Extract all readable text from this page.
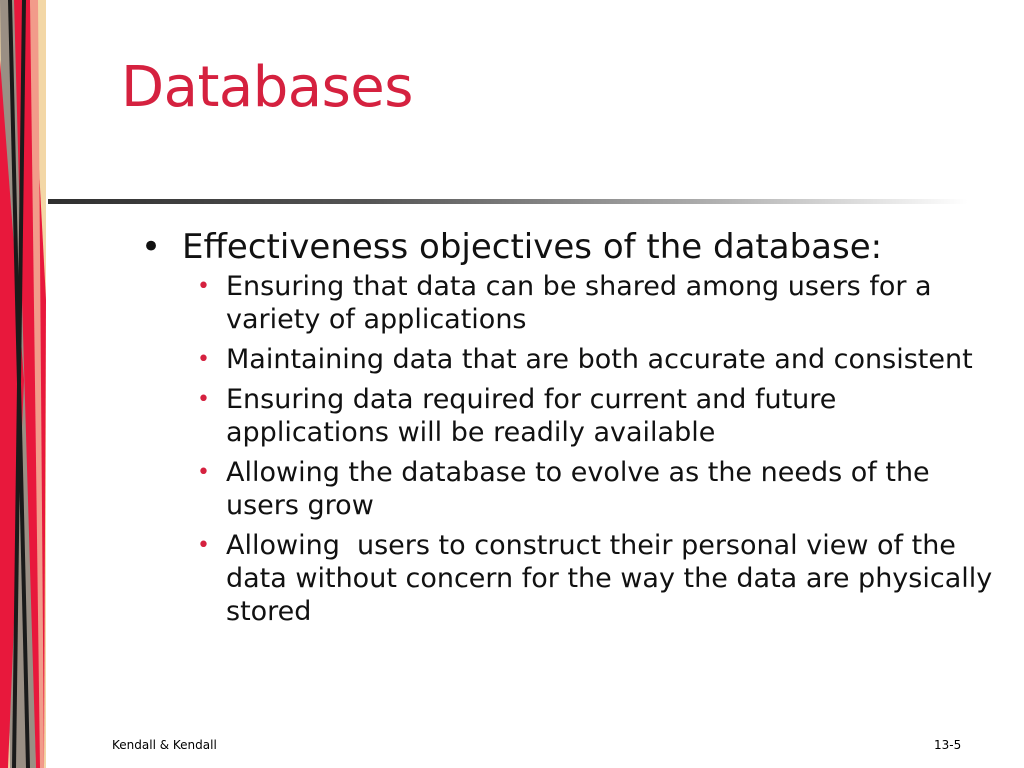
Databases
• Effectiveness objectives of the database:
• Ensuring that data can be shared among users for a variety of applications
• Maintaining data that are both accurate and consistent
• Ensuring data required for current and future applications will be readily available
• Allowing the database to evolve as the needs of the users grow
• Allowing  users to construct their personal view of the data without concern for the way the data are physically stored
Kendall & Kendall	13-5
